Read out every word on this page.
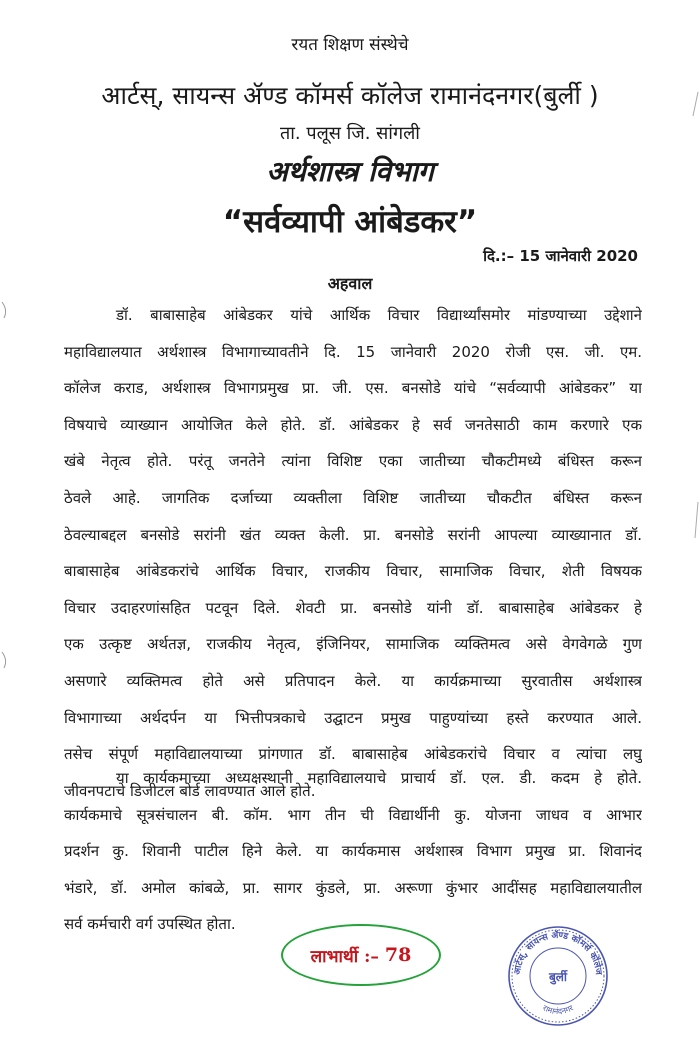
रयत शिक्षण संस्थेचे
आर्टस्, सायन्स ॲण्ड कॉमर्स कॉलेज रामानंदनगर(बुर्ली )
ता. पलूस जि. सांगली
अर्थशास्त्र विभाग
“सर्वव्यापी आंबेडकर”
दि.:– 15 जानेवारी 2020
अहवाल
डॉ. बाबासाहेब आंबेडकर यांचे आर्थिक विचार विद्यार्थ्यांसमोर मांडण्याच्या उद्देशाने
महाविद्यालयात अर्थशास्त्र विभागाच्यावतीने दि. 15 जानेवारी 2020 रोजी एस. जी. एम.
कॉलेज कराड, अर्थशास्त्र विभागप्रमुख प्रा. जी. एस. बनसोडे यांचे “सर्वव्यापी आंबेडकर” या
विषयाचे व्याख्यान आयोजित केले होते. डॉ. आंबेडकर हे सर्व जनतेसाठी काम करणारे एक
खंबे नेतृत्व होते. परंतू जनतेने त्यांना विशिष्ट एका जातीच्या चौकटीमध्ये बंधिस्त करून
ठेवले आहे. जागतिक दर्जाच्या व्यक्तीला विशिष्ट जातीच्या चौकटीत बंधिस्त करून
ठेवल्याबद्दल बनसोडे सरांनी खंत व्यक्त केली. प्रा. बनसोडे सरांनी आपल्या व्याख्यानात डॉ.
बाबासाहेब आंबेडकरांचे आर्थिक विचार, राजकीय विचार, सामाजिक विचार, शेती विषयक
विचार उदाहरणांसहित पटवून दिले. शेवटी प्रा. बनसोडे यांनी डॉ. बाबासाहेब आंबेडकर हे
एक उत्कृष्ट अर्थतज्ञ, राजकीय नेतृत्व, इंजिनियर, सामाजिक व्यक्तिमत्व असे वेगवेगळे गुण
असणारे व्यक्तिमत्व होते असे प्रतिपादन केले. या कार्यक्रमाच्या सुरवातीस अर्थशास्त्र
विभागाच्या अर्थदर्पन या भित्तीपत्रकाचे उद्घाटन प्रमुख पाहुण्यांच्या हस्ते करण्यात आले.
तसेच संपूर्ण महाविद्यालयाच्या प्रांगणात डॉ. बाबासाहेब आंबेडकरांचे विचार व त्यांचा लघु
जीवनपटाचे डिजीटल बोर्ड लावण्यात आले होते.
या कार्यकमाच्या अध्यक्षस्थानी महाविद्यालयाचे प्राचार्य डॉ. एल. डी. कदम हे होते.
कार्यकमाचे सूत्रसंचालन बी. कॉम. भाग तीन ची विद्यार्थीनी कु. योजना जाधव व आभार
प्रदर्शन कु. शिवानी पाटील हिने केले. या कार्यकमास अर्थशास्त्र विभाग प्रमुख प्रा. शिवानंद
भंडारे, डॉ. अमोल कांबळे, प्रा. सागर कुंडले, प्रा. अरूणा कुंभार आदींसह महाविद्यालयातील
सर्व कर्मचारी वर्ग उपस्थित होता.
लाभार्थी :– 78
आर्टस्, सायन्स ॲण्ड कॉमर्स कॉलेज
रामानंदनगर
बुर्ली
